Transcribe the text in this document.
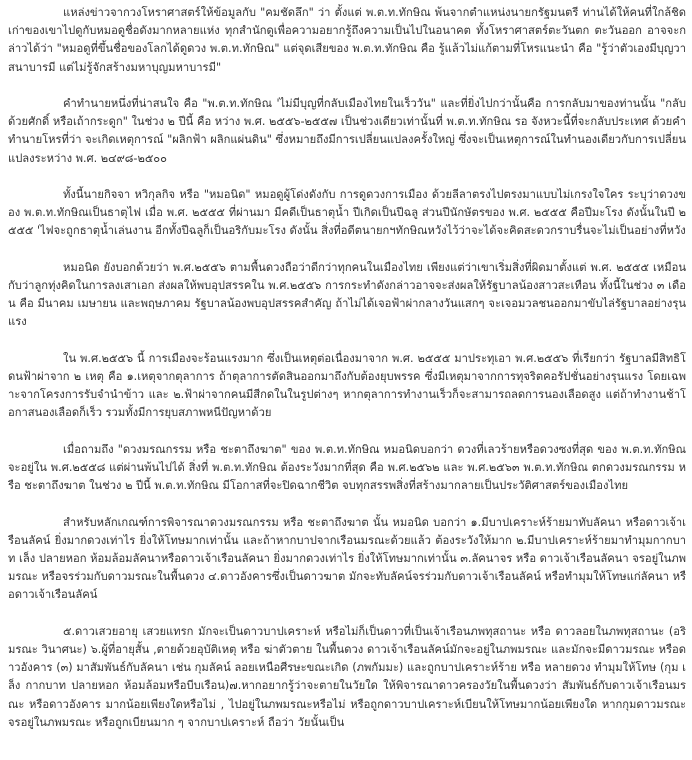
แหล่งข่าวจากวงโหราศาสตร์ให้ข้อมูลกับ "คมชัดลึก" ว่า ตั้งแต่ พ.ต.ท.ทักษิณ พ้นจากตำแหน่งนายกรัฐมนตรี ท่านได้ให้คนที่ใกล้ชิดเก่าของเขาไปดูกับหมอดูชื่อดังมากหลายแห่ง ทุกสำนักดูเพื่อความอยากรู้ถึงความเป็นไปในอนาคต ทั้งโหราศาสตร์ตะวันตก ตะวันออก อาจจะกล่าวได้ว่า "หมอดูที่ขึ้นชื่อของโลกได้ดูดวง พ.ต.ท.ทักษิณ" แต่จุดเสียของ พ.ต.ท.ทักษิณ คือ รู้แล้วไม่แก้ตามที่โหรแนะนำ คือ "รู้ว่าตัวเองมีบุญวาสนาบารมี แต่ไม่รู้จักสร้างมหาบุญมหาบารมี"

คำทำนายหนึ่งที่น่าสนใจ คือ "พ.ต.ท.ทักษิณ 'ไม่มีบุญที่กลับเมืองไทยในเร็ววัน" และที่ยิ่งไปกว่านั้นคือ การกลับมาของท่านนั้น "กลับด้วยศักดิ์ หรือเถ้ากระดูก" ในช่วง ๒ ปีนี้ คือ หว่าง พ.ศ. ๒๕๕๖-๒๕๕๗ เป็นช่วงเดียวเท่านั้นที่ พ.ต.ท.ทักษิณ รอ จังหวะนี้ที่จะกลับประเทศ ด้วยคำทำนายโหรที่ว่า จะเกิดเหตุการณ์ "ผลิกฟ้า ผลิกแผ่นดิน" ซึ่งหมายถึงมีการเปลี่ยนแปลงครั้งใหญ่ ซึ่งจะเป็นเหตุการณ์ในทำนองเดียวกับการเปลี่ยนแปลงระหว่าง พ.ศ. ๒๔๙๘-๒๕๐๐

ทั้งนี้นายกิจจา หวิกุลกิจ หรือ "หมอนิด" หมอดูผู้โด่งดังกับ การดูดวงการเมือง ด้วยลีลาตรงไปตรงมาแบบไม่เกรงใจใคร ระบุว่าดวงของ พ.ต.ท.ทักษิณเป็นธาตุไฟ เมื่อ พ.ศ. ๒๕๕๕ ที่ผ่านมา มีคดีเป็นธาตุน้ำ ปีเกิดเป็นปีฉลู ส่วนปีนักษัตรของ พ.ศ. ๒๕๕๕ คือปีมะโรง ดังนั้นในปี ๒๕๕๕ 'ไฟจะถูกธาตุน้ำเล่นงาน อีกทั้งปีฉลูก็เป็นอริกับมะโรง ดังนั้น สิ่งที่อดีตนายกฯทักษิณหวังไว้ว่าจะได้จะคิดสะดวกราบรื่นจะไม่เป็นอย่างที่หวัง

หมอนิด ยังบอกด้วยว่า พ.ศ.๒๕๕๖ ตามพื้นดวงถือว่าดีกว่าทุกคนในเมืองไทย เพียงแต่ว่าเขาเริ่มสิ่งที่ผิดมาตั้งแต่ พ.ศ. ๒๕๕๕ เหมือนกับว่าลูกทุ่งคิดในการลงเสาเอก ส่งผลให้พบอุปสรรคใน พ.ศ.๒๕๕๖ การกระทำดังกล่าวอาจจะส่งผลให้รัฐบาลน้องสาวสะเทือน ทั้งนี้ในช่วง ๓ เดือน คือ มีนาคม เมษายน และพฤษภาคม รัฐบาลน้องพบอุปสรรคสำคัญ ถ้าไม่ได้เจอฟ้าผ่ากลางวันแสกๆ จะเจอมวลชนออกมาขับไล่รัฐบาลอย่างรุนแรง

ใน พ.ศ.๒๕๕๖ นี้ การเมืองจะร้อนแรงมาก ซึ่งเป็นเหตุต่อเนื่องมาจาก พ.ศ. ๒๕๕๕ มาประทุเอา พ.ศ.๒๕๕๖ ที่เรียกว่า รัฐบาลมีสิทธิโดนฟ้าผ่าจาก ๒ เหตุ คือ ๑.เหตุจากตุลาการ ถ้าตุลาการตัดสินออกมาถึงกับต้องยุบพรรค ซึ่งมีเหตุมาจากการทุจริตคอรัปชั่นอย่างรุนแรง โดยเฉพาะจากโครงการรับจำนำข้าว และ ๒.ฟ้าผ่าจากคนมีสีกดในในรูปต่างๆ หากตุลาการทำงานเร็วก็จะสามารถลดการนองเลือดสูง แต่ถ้าทำงานช้าโอกาสนองเลือดก็เร็ว รวมทั้งมีการยุบสภาพหนีปัญหาด้วย

เมื่อถามถึง "ดวงมรณกรรม หรือ ชะตาถึงฆาต" ของ พ.ต.ท.ทักษิณ หมอนิดบอกว่า ดวงที่เลวร้ายหรือดวงซงที่สุด ของ พ.ต.ท.ทักษิณ จะอยู่ใน พ.ศ.๒๕๕๘ แต่ผ่านพ้นไปได้ สิ่งที่ พ.ต.ท.ทักษิณ ต้องระวังมากที่สุด คือ พ.ศ.๒๕๖๒ และ พ.ศ.๒๕๖๓ พ.ต.ท.ทักษิณ ตกดวงมรณกรรม หรือ ชะตาถึงฆาต ในช่วง ๒ ปีนี้ พ.ต.ท.ทักษิณ มีโอกาสที่จะปิดฉากชีวิต จบทุกสรรพสิ่งที่สร้างมากลายเป็นประวัติศาสตร์ของเมืองไทย

สำหรับหลักเกณฑ์การพิจารณาดวงมรณกรรม หรือ ชะตาถึงฆาต นั้น หมอนิด บอกว่า ๑.มีบาปเคราะห์ร้ายมาทับลัคนา หรือดาวเจ้าเรือนลัคน์ ยิ่งมากดวงเท่าไร ยิ่งให้โทษมากเท่านั้น และถ้าหากบาปจากเรือนมรณะด้วยแล้ว ต้องระวังให้มาก ๒.มีบาปเคราะห์ร้ายมาทำมุมกากบาท เล็ง ปลายหอก ห้อมล้อมลัคนาหรือดาวเจ้าเรือนลัคนา ยิ่งมากดวงเท่าไร ยิ่งให้โทษมากเท่านั้น ๓.ลัคนาจร หรือ ดาวเจ้าเรือนลัคนา จรอยู่ในภพมรณะ หรือจรร่วมกับดาวมรณะในพื้นดวง ๔.ดาวอังคารซึ่งเป็นดาวฆาต มักจะทับลัคน์จรร่วมกับดาวเจ้าเรือนลัคน์ หรือทำมุมให้โทษแก่ลัคนา หรือดาวเจ้าเรือนลัคน์

๕.ดาวเสวยอายุ เสวยแทรก มักจะเป็นดาวบาปเคราะห์ หรือไม่ก็เป็นดาวที่เป็นเจ้าเรือนภพทุสถานะ หรือ ดาวลอยในภพทุสถานะ (อริ มรณะ วินาศนะ) ๖.ผู้ที่อายุสั้น ,ตายด้วยอุบัติเหตุ หรือ ฆ่าตัวตาย ในพื้นดวง ดาวเจ้าเรือนลัคน์มักจะอยู่ในภพมรณะ และมักจะมีดาวมรณะ หรือดาวอังคาร (๓) มาสัมพันธ์กับลัคนา เช่น กุมลัคน์ ลอยเหนือศีรษะขณะเกิด (ภพกัมมะ) และถูกบาปเคราะห์ร้าย หรือ หลายดวง ทำมุมให้โทษ (กุม เล็ง กากบาท ปลายหอก ห้อมล้อมหรือบีบเรือน)๗.หากอยากรู้ว่าจะตายในวัยใด ให้พิจารณาดาวครองวัยในพื้นดวงว่า สัมพันธ์กับดาวเจ้าเรือนมรณะ หรือดาวอังคาร มากน้อยเพียงใดหรือไม่ , ไปอยู่ในภพมรณะหรือไม่ หรือถูกดาวบาปเคราะห์เบียนให้โทษมากน้อยเพียงใด หากกุมดาวมรณะ จรอยู่ในภพมรณะ หรือถูกเบียนมาก ๆ จากบาปเคราะห์ ถือว่า วัยนั้นเป็น
